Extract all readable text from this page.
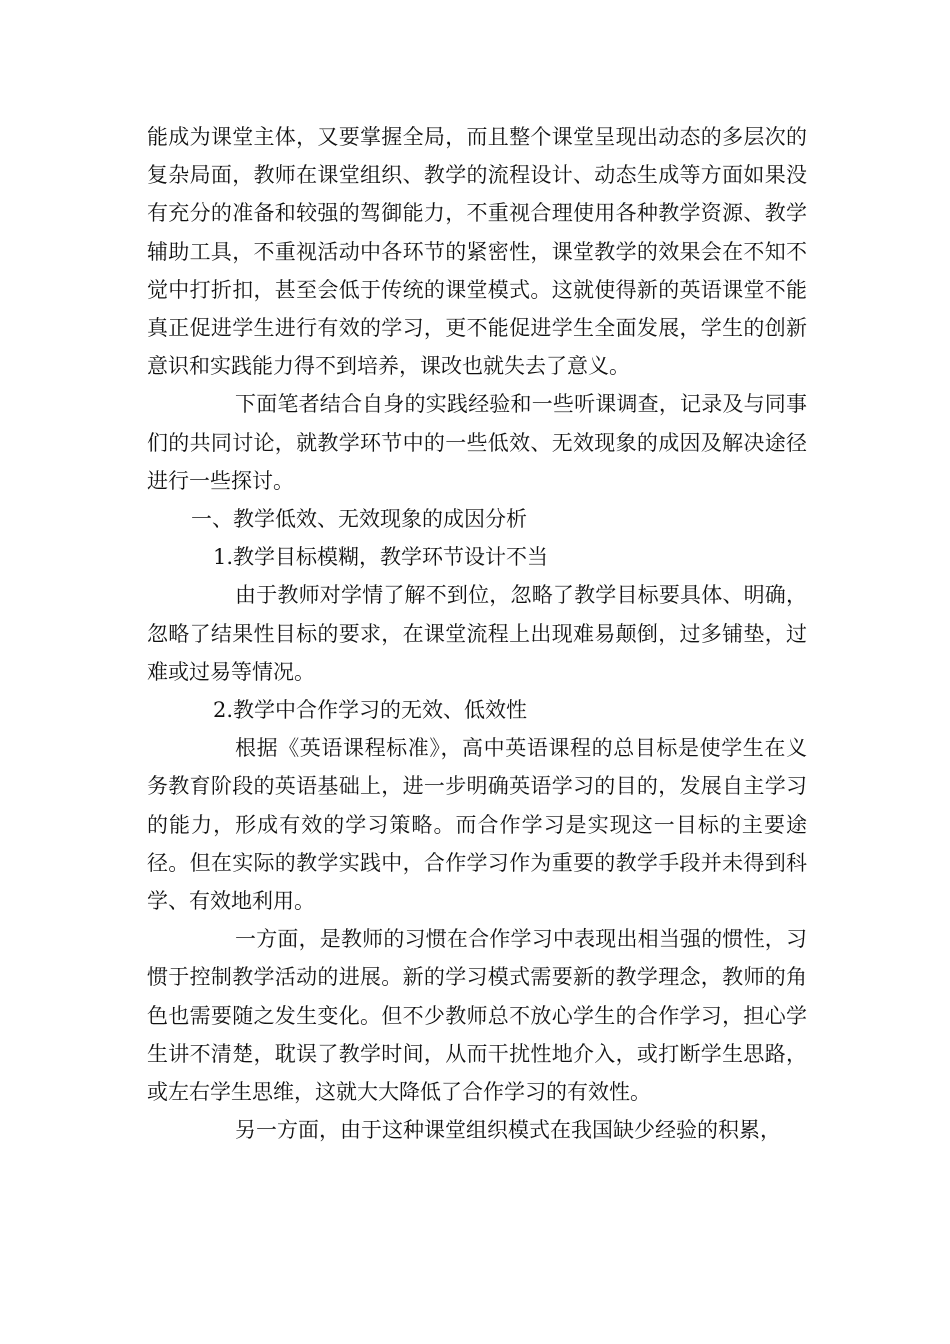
能成为课堂主体，又要掌握全局，而且整个课堂呈现出动态的多层次的复杂局面，教师在课堂组织、教学的流程设计、动态生成等方面如果没有充分的准备和较强的驾御能力，不重视合理使用各种教学资源、教学辅助工具，不重视活动中各环节的紧密性，课堂教学的效果会在不知不觉中打折扣，甚至会低于传统的课堂模式。这就使得新的英语课堂不能真正促进学生进行有效的学习，更不能促进学生全面发展，学生的创新意识和实践能力得不到培养，课改也就失去了意义。

下面笔者结合自身的实践经验和一些听课调查，记录及与同事们的共同讨论，就教学环节中的一些低效、无效现象的成因及解决途径进行一些探讨。

一、教学低效、无效现象的成因分析

1.教学目标模糊，教学环节设计不当

由于教师对学情了解不到位，忽略了教学目标要具体、明确，忽略了结果性目标的要求，在课堂流程上出现难易颠倒，过多铺垫，过难或过易等情况。

2.教学中合作学习的无效、低效性

根据《英语课程标准》，高中英语课程的总目标是使学生在义务教育阶段的英语基础上，进一步明确英语学习的目的，发展自主学习的能力，形成有效的学习策略。而合作学习是实现这一目标的主要途径。但在实际的教学实践中，合作学习作为重要的教学手段并未得到科学、有效地利用。

一方面，是教师的习惯在合作学习中表现出相当强的惯性，习惯于控制教学活动的进展。新的学习模式需要新的教学理念，教师的角色也需要随之发生变化。但不少教师总不放心学生的合作学习，担心学生讲不清楚，耽误了教学时间，从而干扰性地介入，或打断学生思路，或左右学生思维，这就大大降低了合作学习的有效性。

另一方面，由于这种课堂组织模式在我国缺少经验的积累，
